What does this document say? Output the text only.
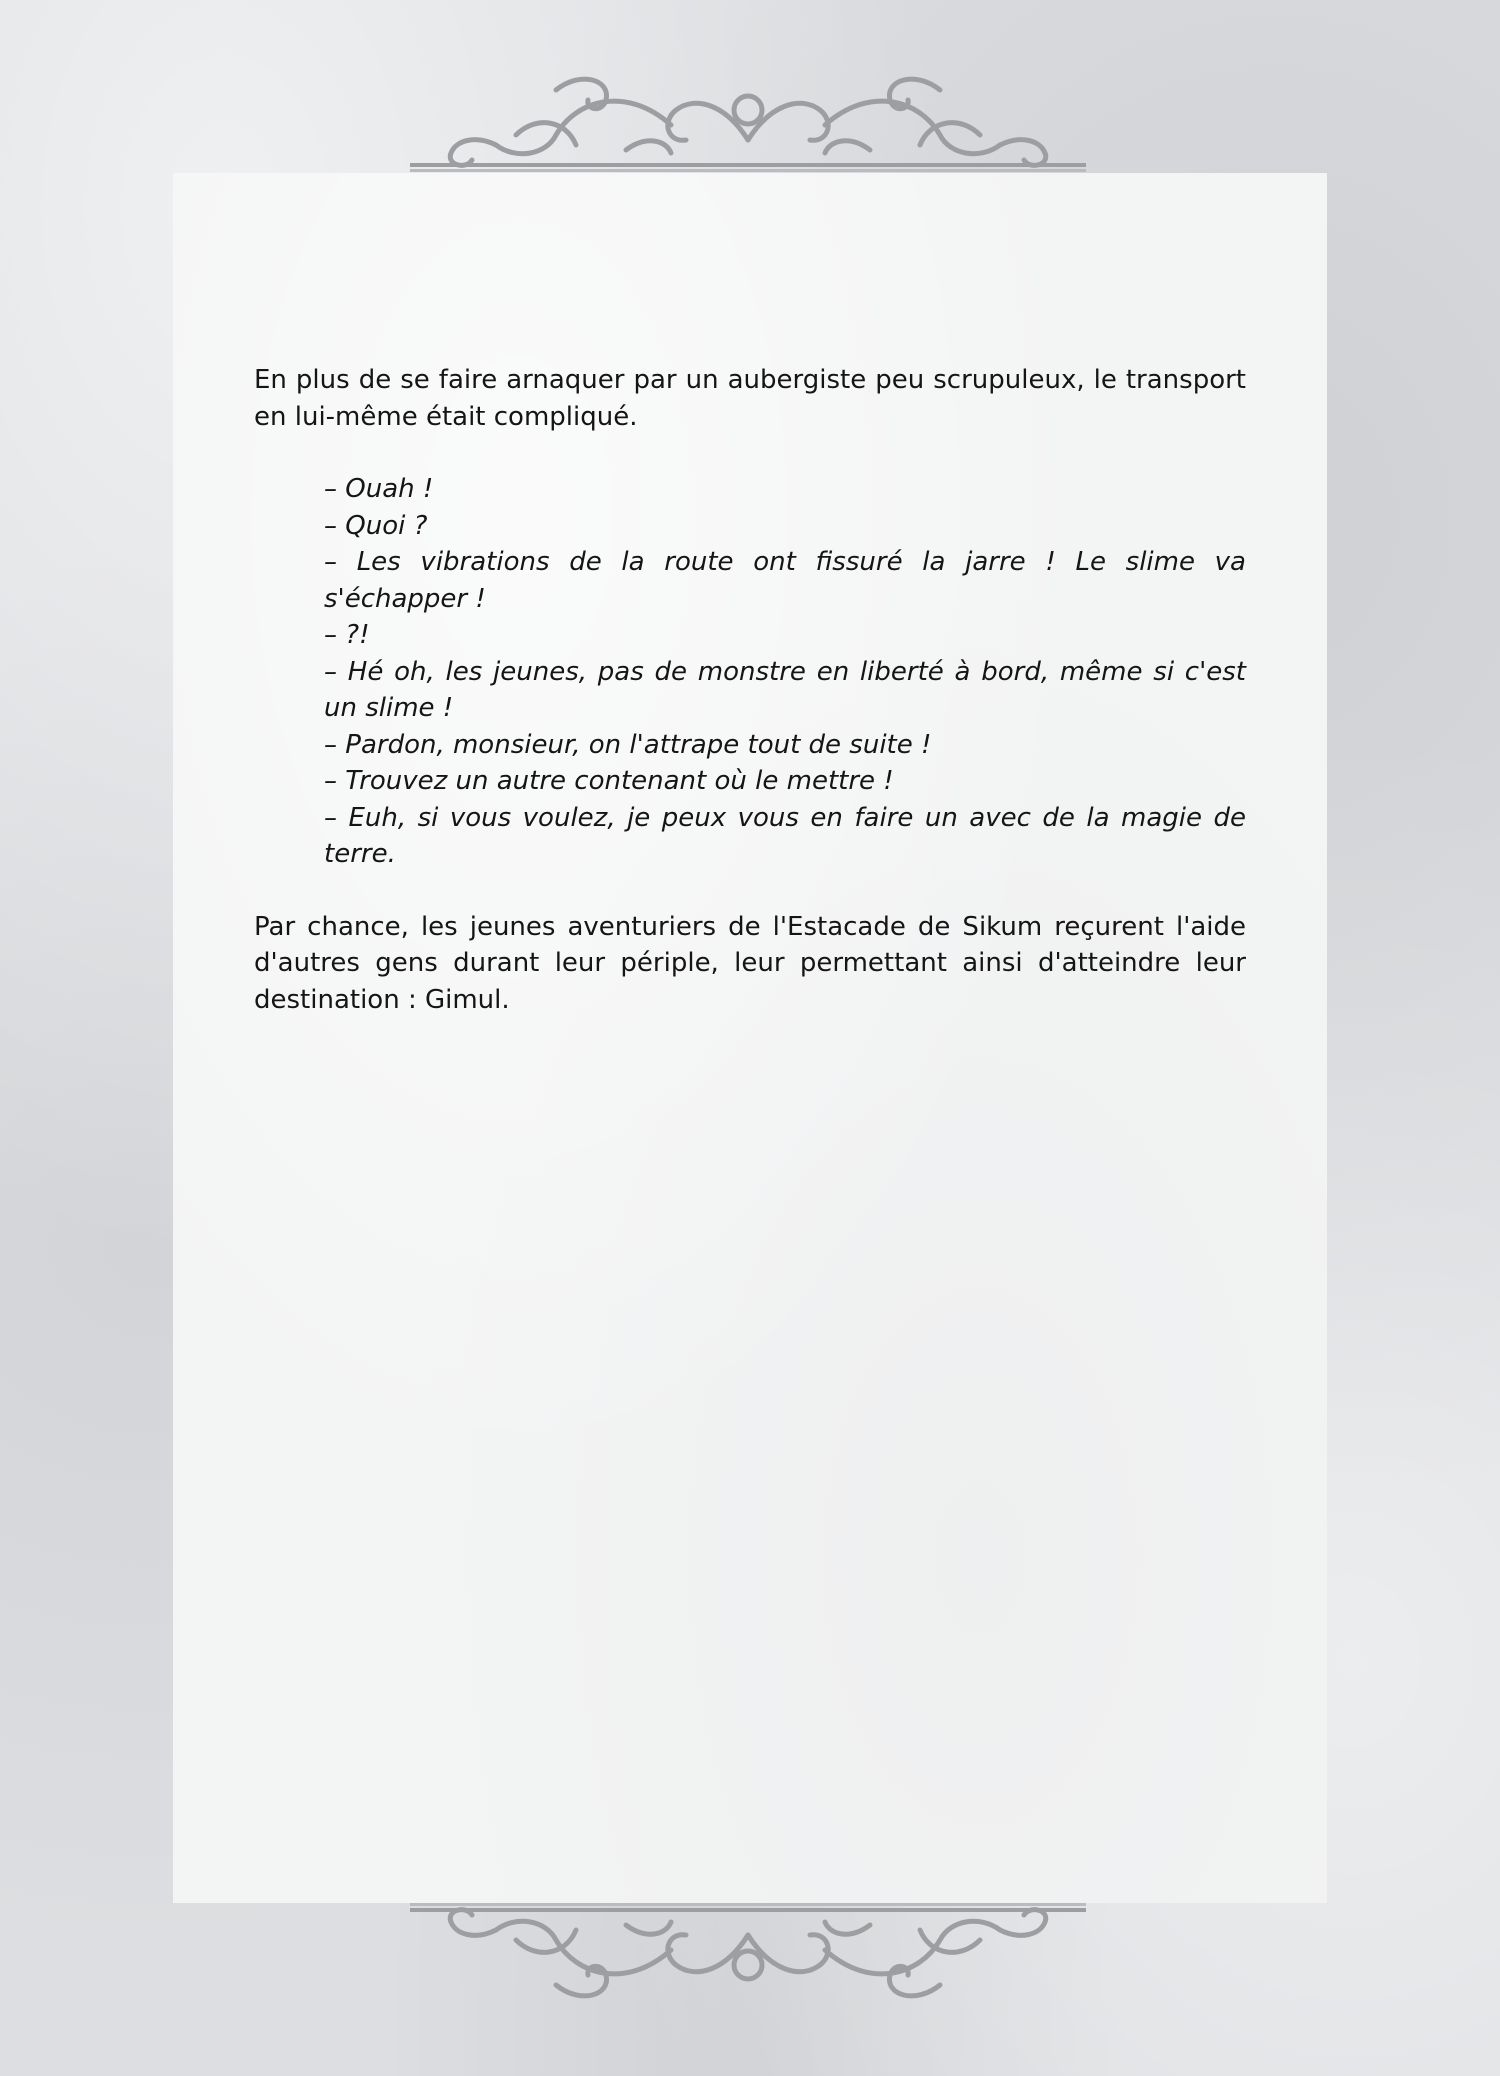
En plus de se faire arnaquer par un aubergiste peu scrupuleux, le transport en lui-même était compliqué.

– Ouah !
– Quoi ?
– Les vibrations de la route ont fissuré la jarre ! Le slime va s'échapper !
– ?!
– Hé oh, les jeunes, pas de monstre en liberté à bord, même si c'est un slime !
– Pardon, monsieur, on l'attrape tout de suite !
– Trouvez un autre contenant où le mettre !
– Euh, si vous voulez, je peux vous en faire un avec de la magie de terre.

Par chance, les jeunes aventuriers de l'Estacade de Sikum reçurent l'aide d'autres gens durant leur périple, leur permettant ainsi d'atteindre leur destination : Gimul.
